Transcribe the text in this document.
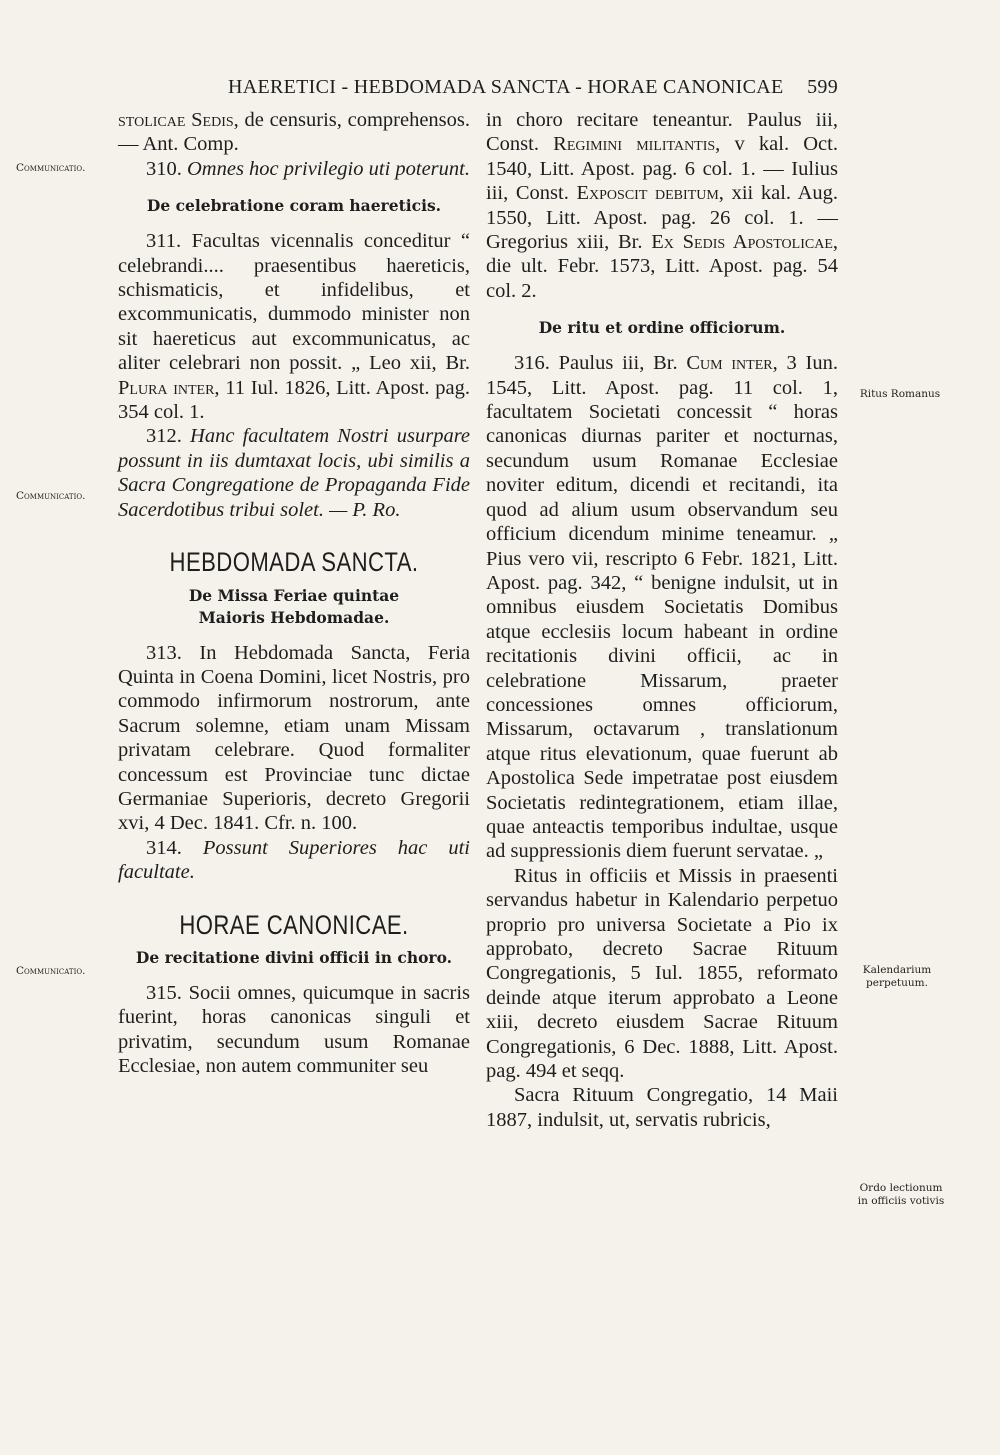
HAERETICI - HEBDOMADA SANCTA - HORAE CANONICAE 599
Communicatio.
Communicatio.
Communicatio.
Ritus Romanus
Kalendarium perpetuum.
Ordo lectionum in officiis votivis

stolicae Sedis, de censuris, comprehensos. — Ant. Comp.

310. Omnes hoc privilegio uti poterunt.

De celebratione coram haereticis.

311. Facultas vicennalis conceditur “ celebrandi.... praesentibus haereticis, schismaticis, et infidelibus, et excommunicatis, dummodo minister non sit haereticus aut excommunicatus, ac aliter celebrari non possit. „ Leo xii, Br. Plura inter, 11 Iul. 1826, Litt. Apost. pag. 354 col. 1.

312. Hanc facultatem Nostri usurpare possunt in iis dumtaxat locis, ubi similis a Sacra Congregatione de Propaganda Fide Sacerdotibus tribui solet. — P. Ro.

HEBDOMADA SANCTA.
De Missa Feriae quintae
Maioris Hebdomadae.

313. In Hebdomada Sancta, Feria Quinta in Coena Domini, licet Nostris, pro commodo infirmorum nostrorum, ante Sacrum solemne, etiam unam Missam privatam celebrare. Quod formaliter concessum est Provinciae tunc dictae Germaniae Superioris, decreto Gregorii xvi, 4 Dec. 1841. Cfr. n. 100.

314. Possunt Superiores hac uti facultate.

HORAE CANONICAE.
De recitatione divini officii in choro.

315. Socii omnes, quicumque in sacris fuerint, horas canonicas singuli et privatim, secundum usum Romanae Ecclesiae, non autem communiter seu

in choro recitare teneantur. Paulus iii, Const. Regimini militantis, v kal. Oct. 1540, Litt. Apost. pag. 6 col. 1. — Iulius iii, Const. Exposcit debitum, xii kal. Aug. 1550, Litt. Apost. pag. 26 col. 1. — Gregorius xiii, Br. Ex Sedis Apostolicae, die ult. Febr. 1573, Litt. Apost. pag. 54 col. 2.

De ritu et ordine officiorum.

316. Paulus iii, Br. Cum inter, 3 Iun. 1545, Litt. Apost. pag. 11 col. 1, facultatem Societati concessit “ horas canonicas diurnas pariter et nocturnas, secundum usum Romanae Ecclesiae noviter editum, dicendi et recitandi, ita quod ad alium usum observandum seu officium dicendum minime teneamur. „ Pius vero vii, rescripto 6 Febr. 1821, Litt. Apost. pag. 342, “ benigne indulsit, ut in omnibus eiusdem Societatis Domibus atque ecclesiis locum habeant in ordine recitationis divini officii, ac in celebratione Missarum, praeter concessiones omnes officiorum, Missarum, octavarum , translationum atque ritus elevationum, quae fuerunt ab Apostolica Sede impetratae post eiusdem Societatis redintegrationem, etiam illae, quae anteactis temporibus indultae, usque ad suppressionis diem fuerunt servatae. „

Ritus in officiis et Missis in praesenti servandus habetur in Kalendario perpetuo proprio pro universa Societate a Pio ix approbato, decreto Sacrae Rituum Congregationis, 5 Iul. 1855, reformato deinde atque iterum approbato a Leone xiii, decreto eiusdem Sacrae Rituum Congregationis, 6 Dec. 1888, Litt. Apost. pag. 494 et seqq.

Sacra Rituum Congregatio, 14 Maii 1887, indulsit, ut, servatis rubricis,
